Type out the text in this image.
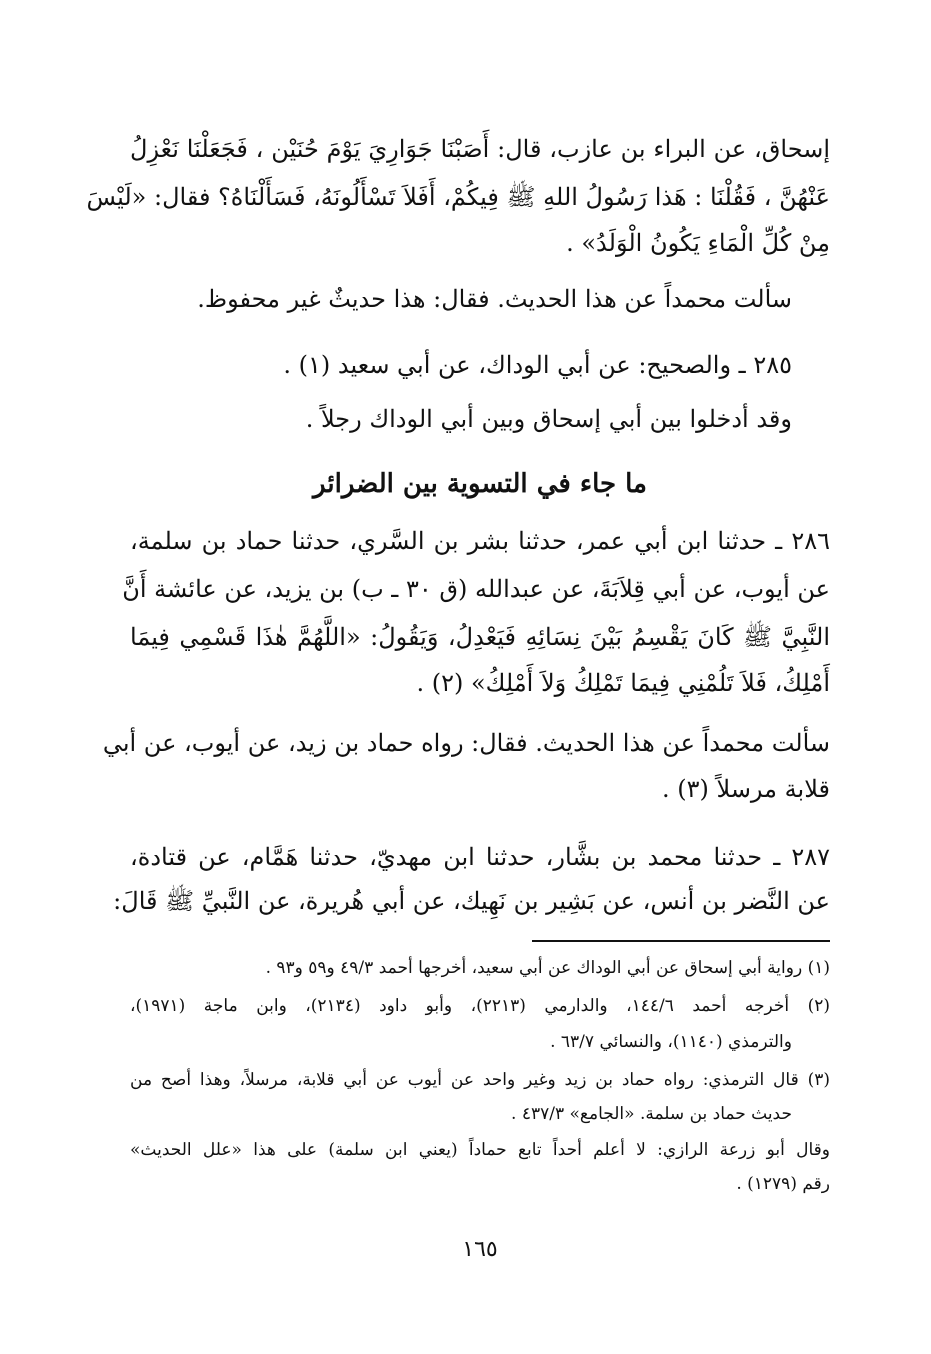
إسحاق، عن البراء بن عازب، قال: أَصَبْنَا جَوَارِيَ يَوْمَ حُنَيْن ، فَجَعَلْنَا نَعْزِلُ
عَنْهُنَّ ، فَقُلْنَا : هَذا رَسُولُ اللهِ ﷺ فِيكُمْ، أَفَلاَ تَسْأَلُونَهُ، فَسَأَلْنَاهُ؟ فقال: «لَيْسَ
مِنْ كُلِّ الْمَاءِ يَكُونُ الْوَلَدُ» .
سألت محمداً عن هذا الحديث. فقال: هذا حديثٌ غير محفوظ.
٢٨٥ ـ والصحيح: عن أبي الوداك، عن أبي سعيد (١) .
وقد أدخلوا بين أبي إسحاق وبين أبي الوداك رجلاً .
ما جاء في التسوية بين الضرائر
٢٨٦ ـ حدثنا ابن أبي عمر، حدثنا بشر بن السَّري، حدثنا حماد بن سلمة،
عن أيوب، عن أبي قِلاَبَةَ، عن عبدالله (ق ٣٠ ـ ب) بن يزيد، عن عائشة أَنَّ
النَّبِيَّ ﷺ كَانَ يَقْسِمُ بَيْنَ نِسَائِهِ فَيَعْدِلُ، وَيَقُولُ: «اللَّهُمَّ هٰذَا قَسْمِي فِيمَا
أَمْلِكُ، فَلاَ تَلُمْنِي فِيمَا تَمْلِكُ وَلاَ أَمْلِكُ» (٢) .
سألت محمداً عن هذا الحديث. فقال: رواه حماد بن زيد، عن أيوب، عن أبي
قلابة مرسلاً (٣) .
٢٨٧ ـ حدثنا محمد بن بشَّار، حدثنا ابن مهديّ، حدثنا هَمَّام، عن قتادة،
عن النَّضر بن أنس، عن بَشِير بن نَهِيك، عن أبي هُريرة، عن النَّبيِّ ﷺ قَالَ:
(١) رواية أبي إسحاق عن أبي الوداك عن أبي سعيد، أخرجها أحمد ٤٩/٣ و٥٩ و٩٣ .
(٢) أخرجه أحمد ١٤٤/٦، والدارمي (٢٢١٣)، وأبو داود (٢١٣٤)، وابن ماجة (١٩٧١)،
والترمذي (١١٤٠)، والنسائي ٦٣/٧ .
(٣) قال الترمذي: رواه حماد بن زيد وغير واحد عن أيوب عن أبي قلابة، مرسلاً، وهذا أصح من
حديث حماد بن سلمة. «الجامع» ٤٣٧/٣ .
وقال أبو زرعة الرازي: لا أعلم أحداً تابع حماداً (يعني ابن سلمة) على هذا «علل الحديث»
رقم (١٢٧٩) .
١٦٥
